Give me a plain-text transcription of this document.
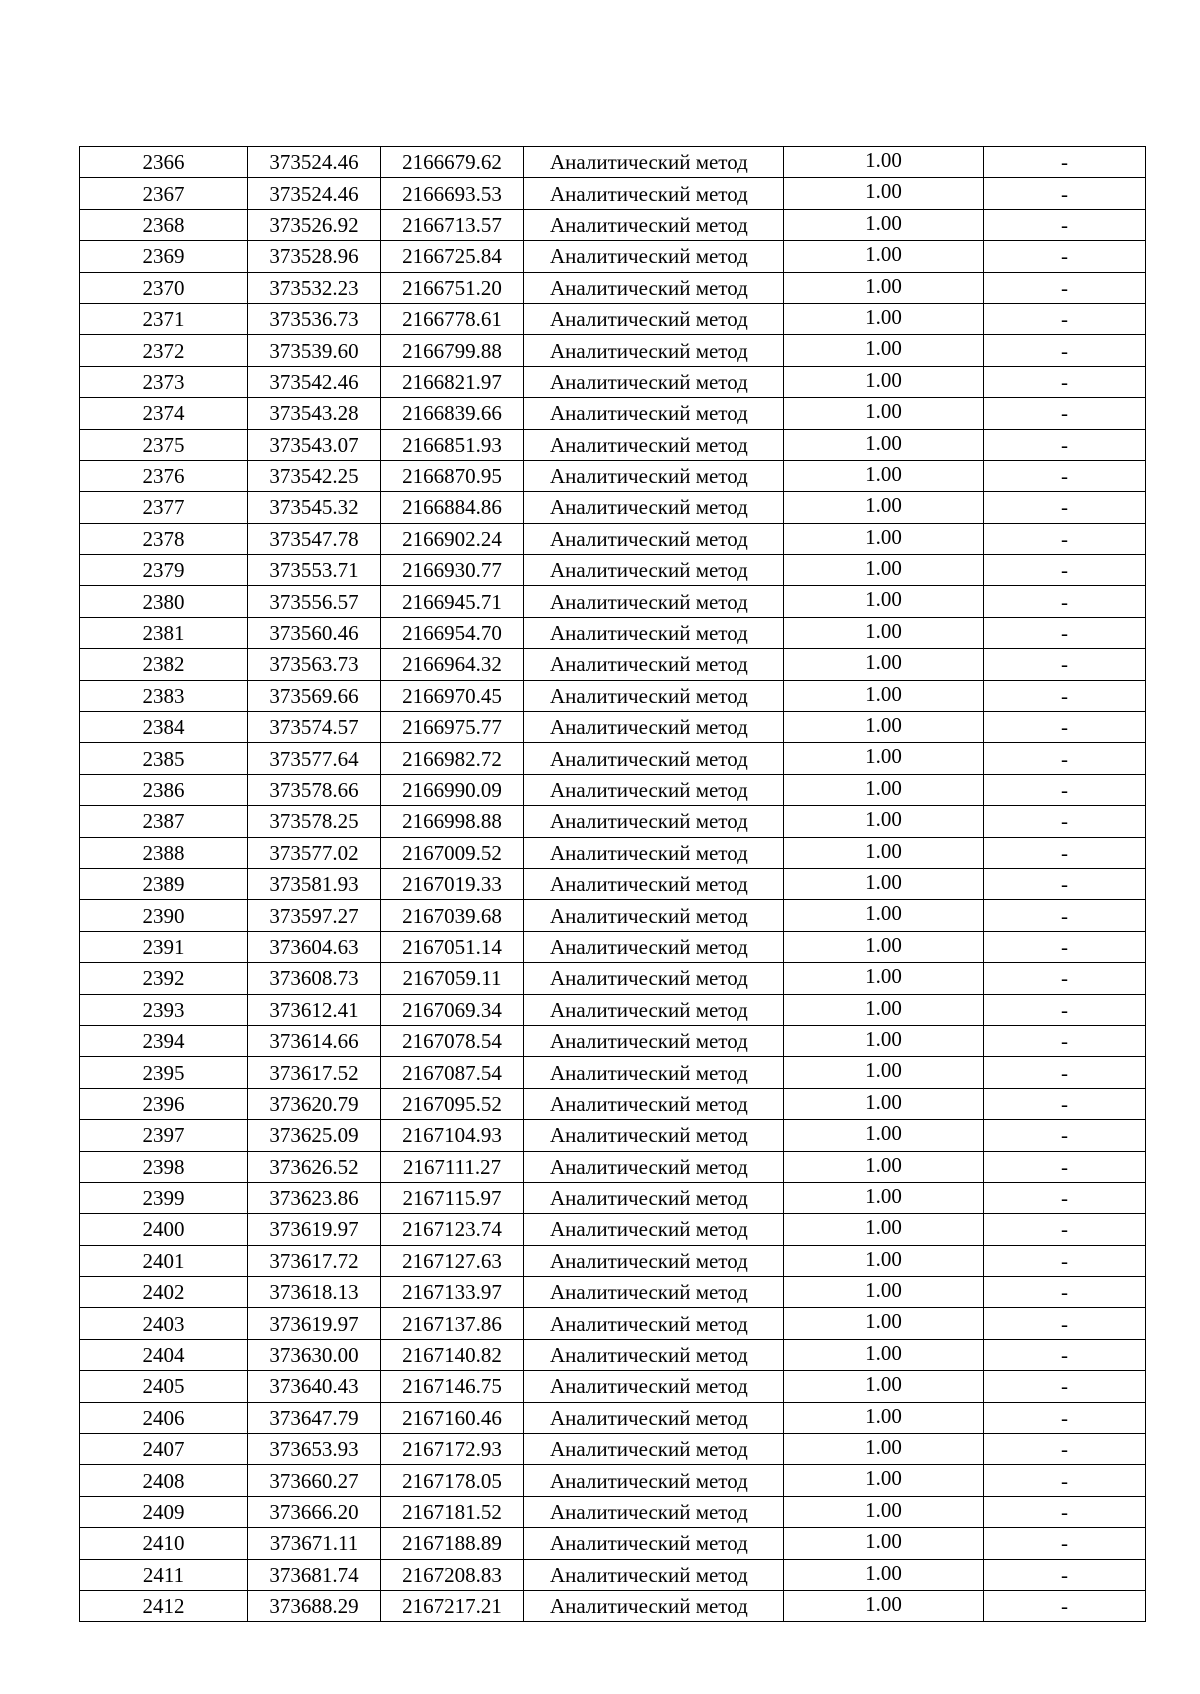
2366	373524.46	2166679.62	Аналитический метод	1.00	-
2367	373524.46	2166693.53	Аналитический метод	1.00	-
2368	373526.92	2166713.57	Аналитический метод	1.00	-
2369	373528.96	2166725.84	Аналитический метод	1.00	-
2370	373532.23	2166751.20	Аналитический метод	1.00	-
2371	373536.73	2166778.61	Аналитический метод	1.00	-
2372	373539.60	2166799.88	Аналитический метод	1.00	-
2373	373542.46	2166821.97	Аналитический метод	1.00	-
2374	373543.28	2166839.66	Аналитический метод	1.00	-
2375	373543.07	2166851.93	Аналитический метод	1.00	-
2376	373542.25	2166870.95	Аналитический метод	1.00	-
2377	373545.32	2166884.86	Аналитический метод	1.00	-
2378	373547.78	2166902.24	Аналитический метод	1.00	-
2379	373553.71	2166930.77	Аналитический метод	1.00	-
2380	373556.57	2166945.71	Аналитический метод	1.00	-
2381	373560.46	2166954.70	Аналитический метод	1.00	-
2382	373563.73	2166964.32	Аналитический метод	1.00	-
2383	373569.66	2166970.45	Аналитический метод	1.00	-
2384	373574.57	2166975.77	Аналитический метод	1.00	-
2385	373577.64	2166982.72	Аналитический метод	1.00	-
2386	373578.66	2166990.09	Аналитический метод	1.00	-
2387	373578.25	2166998.88	Аналитический метод	1.00	-
2388	373577.02	2167009.52	Аналитический метод	1.00	-
2389	373581.93	2167019.33	Аналитический метод	1.00	-
2390	373597.27	2167039.68	Аналитический метод	1.00	-
2391	373604.63	2167051.14	Аналитический метод	1.00	-
2392	373608.73	2167059.11	Аналитический метод	1.00	-
2393	373612.41	2167069.34	Аналитический метод	1.00	-
2394	373614.66	2167078.54	Аналитический метод	1.00	-
2395	373617.52	2167087.54	Аналитический метод	1.00	-
2396	373620.79	2167095.52	Аналитический метод	1.00	-
2397	373625.09	2167104.93	Аналитический метод	1.00	-
2398	373626.52	2167111.27	Аналитический метод	1.00	-
2399	373623.86	2167115.97	Аналитический метод	1.00	-
2400	373619.97	2167123.74	Аналитический метод	1.00	-
2401	373617.72	2167127.63	Аналитический метод	1.00	-
2402	373618.13	2167133.97	Аналитический метод	1.00	-
2403	373619.97	2167137.86	Аналитический метод	1.00	-
2404	373630.00	2167140.82	Аналитический метод	1.00	-
2405	373640.43	2167146.75	Аналитический метод	1.00	-
2406	373647.79	2167160.46	Аналитический метод	1.00	-
2407	373653.93	2167172.93	Аналитический метод	1.00	-
2408	373660.27	2167178.05	Аналитический метод	1.00	-
2409	373666.20	2167181.52	Аналитический метод	1.00	-
2410	373671.11	2167188.89	Аналитический метод	1.00	-
2411	373681.74	2167208.83	Аналитический метод	1.00	-
2412	373688.29	2167217.21	Аналитический метод	1.00	-
